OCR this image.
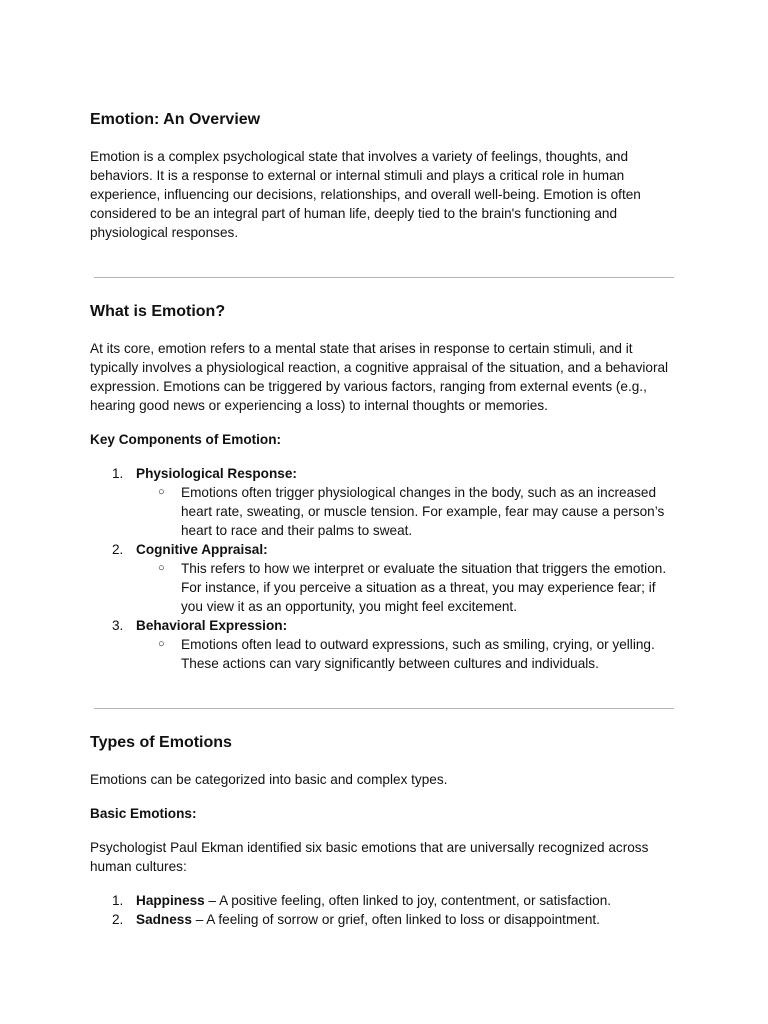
Emotion: An Overview

Emotion is a complex psychological state that involves a variety of feelings, thoughts, and behaviors. It is a response to external or internal stimuli and plays a critical role in human experience, influencing our decisions, relationships, and overall well-being. Emotion is often considered to be an integral part of human life, deeply tied to the brain's functioning and physiological responses.

What is Emotion?

At its core, emotion refers to a mental state that arises in response to certain stimuli, and it typically involves a physiological reaction, a cognitive appraisal of the situation, and a behavioral expression. Emotions can be triggered by various factors, ranging from external events (e.g., hearing good news or experiencing a loss) to internal thoughts or memories.

Key Components of Emotion:

1. Physiological Response:
○ Emotions often trigger physiological changes in the body, such as an increased heart rate, sweating, or muscle tension. For example, fear may cause a person’s heart to race and their palms to sweat.
2. Cognitive Appraisal:
○ This refers to how we interpret or evaluate the situation that triggers the emotion. For instance, if you perceive a situation as a threat, you may experience fear; if you view it as an opportunity, you might feel excitement.
3. Behavioral Expression:
○ Emotions often lead to outward expressions, such as smiling, crying, or yelling. These actions can vary significantly between cultures and individuals.
Types of Emotions

Emotions can be categorized into basic and complex types.

Basic Emotions:

Psychologist Paul Ekman identified six basic emotions that are universally recognized across human cultures:

1. Happiness – A positive feeling, often linked to joy, contentment, or satisfaction.
2. Sadness – A feeling of sorrow or grief, often linked to loss or disappointment.
